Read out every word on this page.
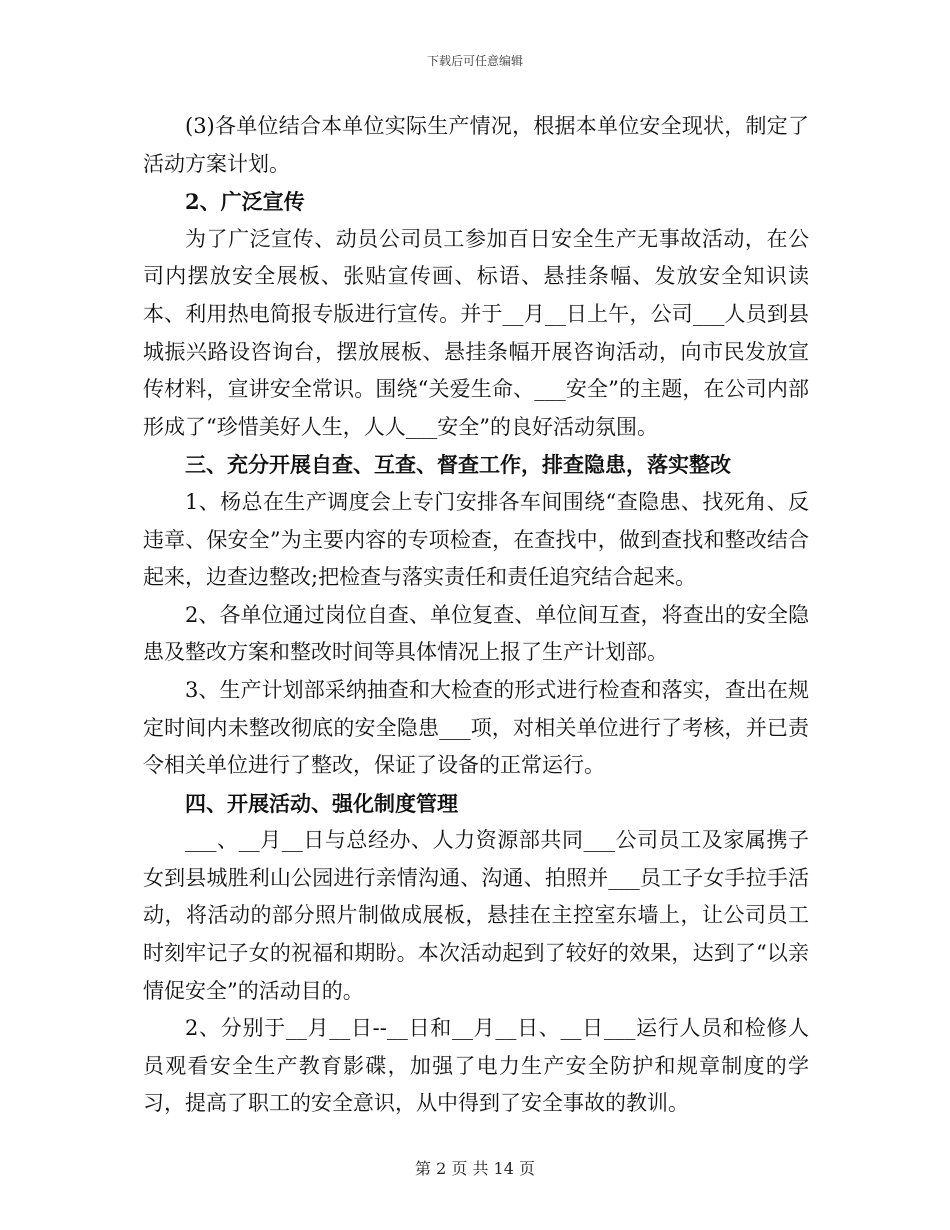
下载后可任意编辑

(3)各单位结合本单位实际生产情况，根据本单位安全现状，制定了活动方案计划。

2、广泛宣传

为了广泛宣传、动员公司员工参加百日安全生产无事故活动，在公司内摆放安全展板、张贴宣传画、标语、悬挂条幅、发放安全知识读本、利用热电简报专版进行宣传。并于__月__日上午，公司___人员到县城振兴路设咨询台，摆放展板、悬挂条幅开展咨询活动，向市民发放宣传材料，宣讲安全常识。围绕“关爱生命、___安全”的主题，在公司内部形成了“珍惜美好人生，人人___安全”的良好活动氛围。

三、充分开展自查、互查、督查工作，排查隐患，落实整改

1、杨总在生产调度会上专门安排各车间围绕“查隐患、找死角、反违章、保安全”为主要内容的专项检查，在查找中，做到查找和整改结合起来，边查边整改;把检查与落实责任和责任追究结合起来。

2、各单位通过岗位自查、单位复查、单位间互查，将查出的安全隐患及整改方案和整改时间等具体情况上报了生产计划部。

3、生产计划部采纳抽查和大检查的形式进行检查和落实，查出在规定时间内未整改彻底的安全隐患___项，对相关单位进行了考核，并已责令相关单位进行了整改，保证了设备的正常运行。

四、开展活动、强化制度管理

___、__月__日与总经办、人力资源部共同___公司员工及家属携子女到县城胜利山公园进行亲情沟通、沟通、拍照并___员工子女手拉手活动，将活动的部分照片制做成展板，悬挂在主控室东墙上，让公司员工时刻牢记子女的祝福和期盼。本次活动起到了较好的效果，达到了“以亲情促安全”的活动目的。

2、分别于__月__日--__日和__月__日、__日___运行人员和检修人员观看安全生产教育影碟，加强了电力生产安全防护和规章制度的学习，提高了职工的安全意识，从中得到了安全事故的教训。

第 2 页 共 14 页
